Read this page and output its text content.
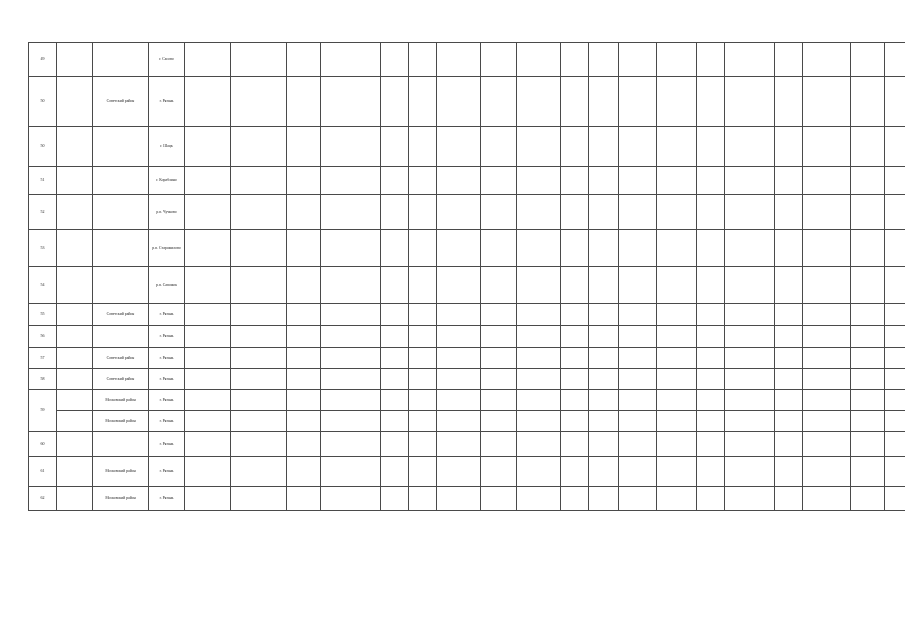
49			г. Сасово																				
50		Советский район	г. Рязань																				
50			г. Шацк																				
51			г. Кораблино																				
52			р.п. Чучково																				
53			р.п. Старожилово																				
54			р.п. Сапожок																				
55		Советский район	г. Рязань																				
56			г. Рязань																				
57		Советский район	г. Рязань																				
58		Советский район	г. Рязань																				
59		Московский район	г. Рязань																				
		Московский район	г. Рязань																				
60			г. Рязань																				
61		Московский район	г. Рязань																				
62		Московский район	г. Рязань																				
